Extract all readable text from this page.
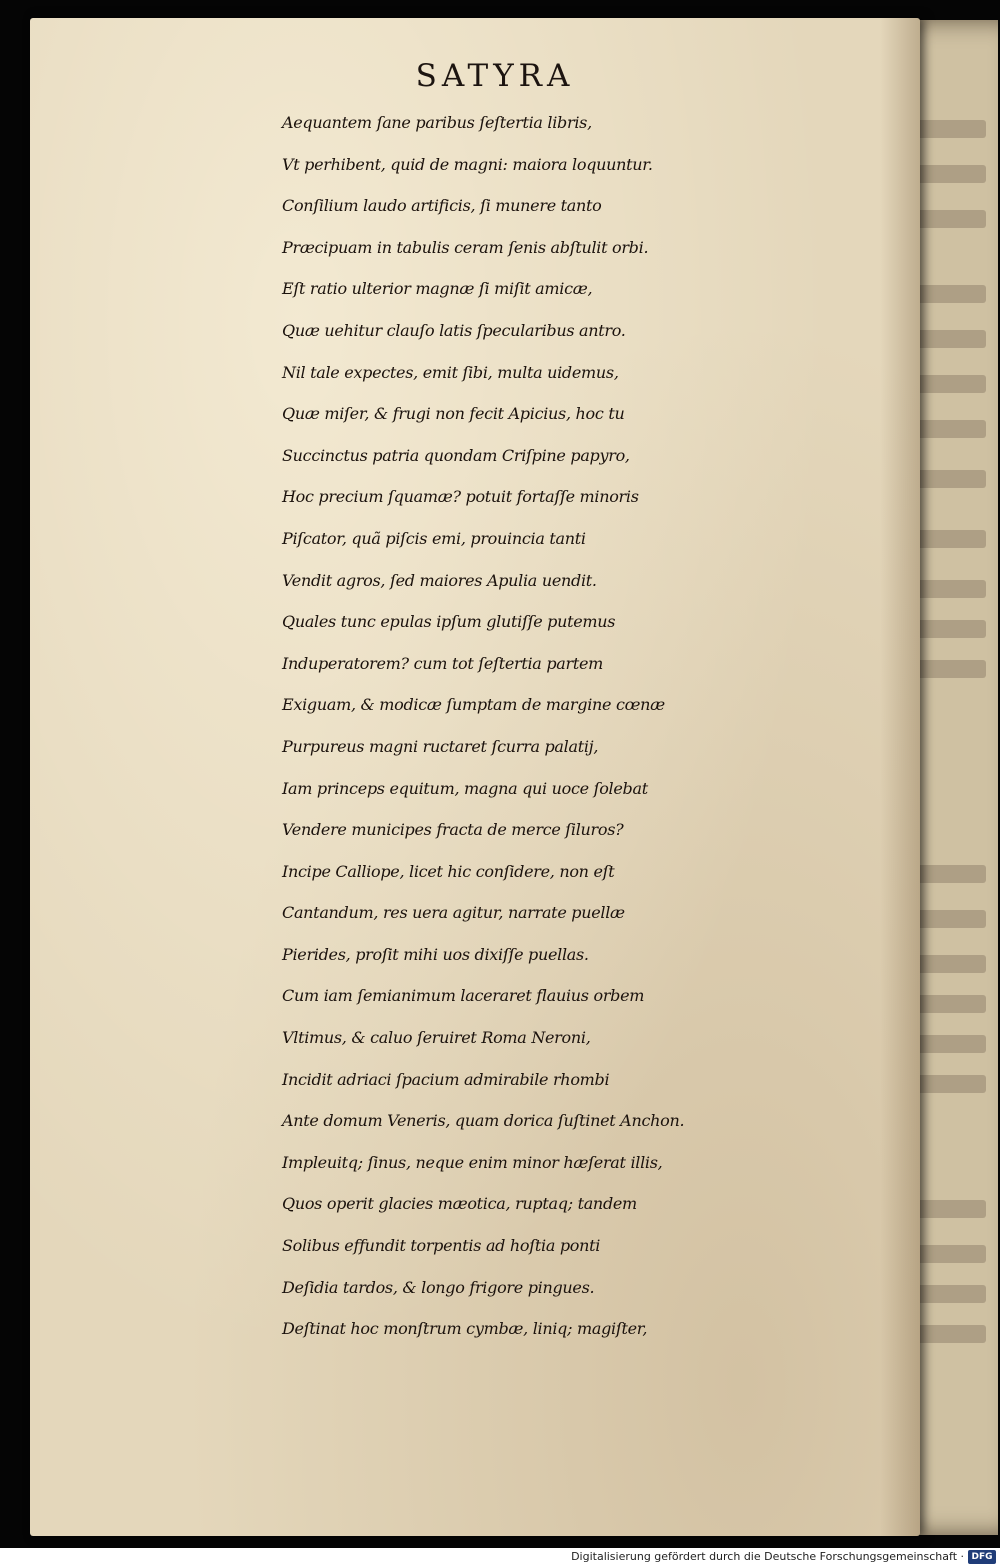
SATYRA
Aequantem ſane paribus ſeſtertia libris,
Vt perhibent, quid de magni: maiora loquuntur.
Conſilium laudo artificis, ſi munere tanto
Præcipuam in tabulis ceram ſenis abſtulit orbi.
Eſt ratio ulterior magnæ ſi miſit amicæ,
Quæ uehitur clauſo latis ſpecularibus antro.
Nil tale expectes, emit ſibi, multa uidemus,
Quæ miſer, & frugi non fecit Apicius, hoc tu
Succinctus patria quondam Criſpine papyro,
Hoc precium ſquamæ? potuit fortaſſe minoris
Piſcator, quã piſcis emi, prouincia tanti
Vendit agros, ſed maiores Apulia uendit.
Quales tunc epulas ipſum glutiſſe putemus
Induperatorem? cum tot ſeſtertia partem
Exiguam, & modicæ ſumptam de margine cœnæ
Purpureus magni ructaret ſcurra palatij,
Iam princeps equitum, magna qui uoce ſolebat
Vendere municipes fracta de merce ſiluros?
Incipe Calliope, licet hic conſidere, non eſt
Cantandum, res uera agitur, narrate puellæ
Pierides, proſit mihi uos dixiſſe puellas.
Cum iam ſemianimum laceraret flauius orbem
Vltimus, & caluo ſeruiret Roma Neroni,
Incidit adriaci ſpacium admirabile rhombi
Ante domum Veneris, quam dorica ſuſtinet Anchon.
Impleuitq; ſinus, neque enim minor hæſerat illis,
Quos operit glacies mæotica, ruptaq; tandem
Solibus effundit torpentis ad hoſtia ponti
Deſidia tardos, & longo frigore pingues.
Deſtinat hoc monſtrum cymbæ, liniq; magiſter,
Digitalisierung gefördert durch die Deutsche Forschungsgemeinschaft · DFG
